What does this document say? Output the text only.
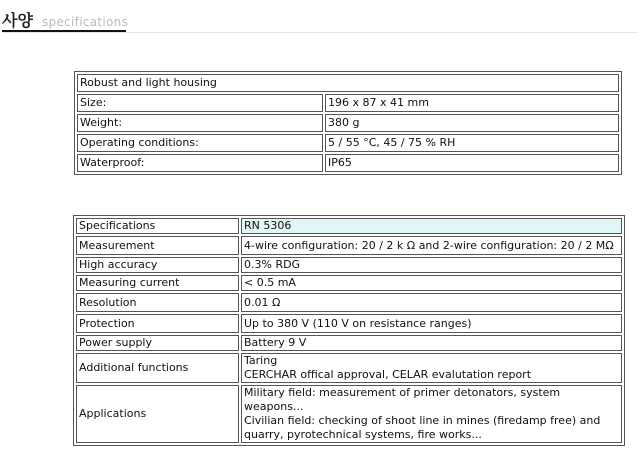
사양 specifications
Robust and light housing	
Size:	196 x 87 x 41 mm
Weight:	380 g
Operating conditions:	5 / 55 °C, 45 / 75 % RH
Waterproof:	IP65
Specifications	RN 5306
Measurement	4-wire configuration: 20 / 2 k Ω and 2-wire configuration: 20 / 2 MΩ
High accuracy	0.3% RDG
Measuring current	< 0.5 mA
Resolution	0.01 Ω
Protection	Up to 380 V (110 V on resistance ranges)
Power supply	Battery 9 V
Additional functions	Taring
CERCHAR offical approval, CELAR evalutation report

Applications	Military field: measurement of primer detonators, system weapons...
Civilian field: checking of shoot line in mines (firedamp free) and
quarry, pyrotechnical systems, fire works...
